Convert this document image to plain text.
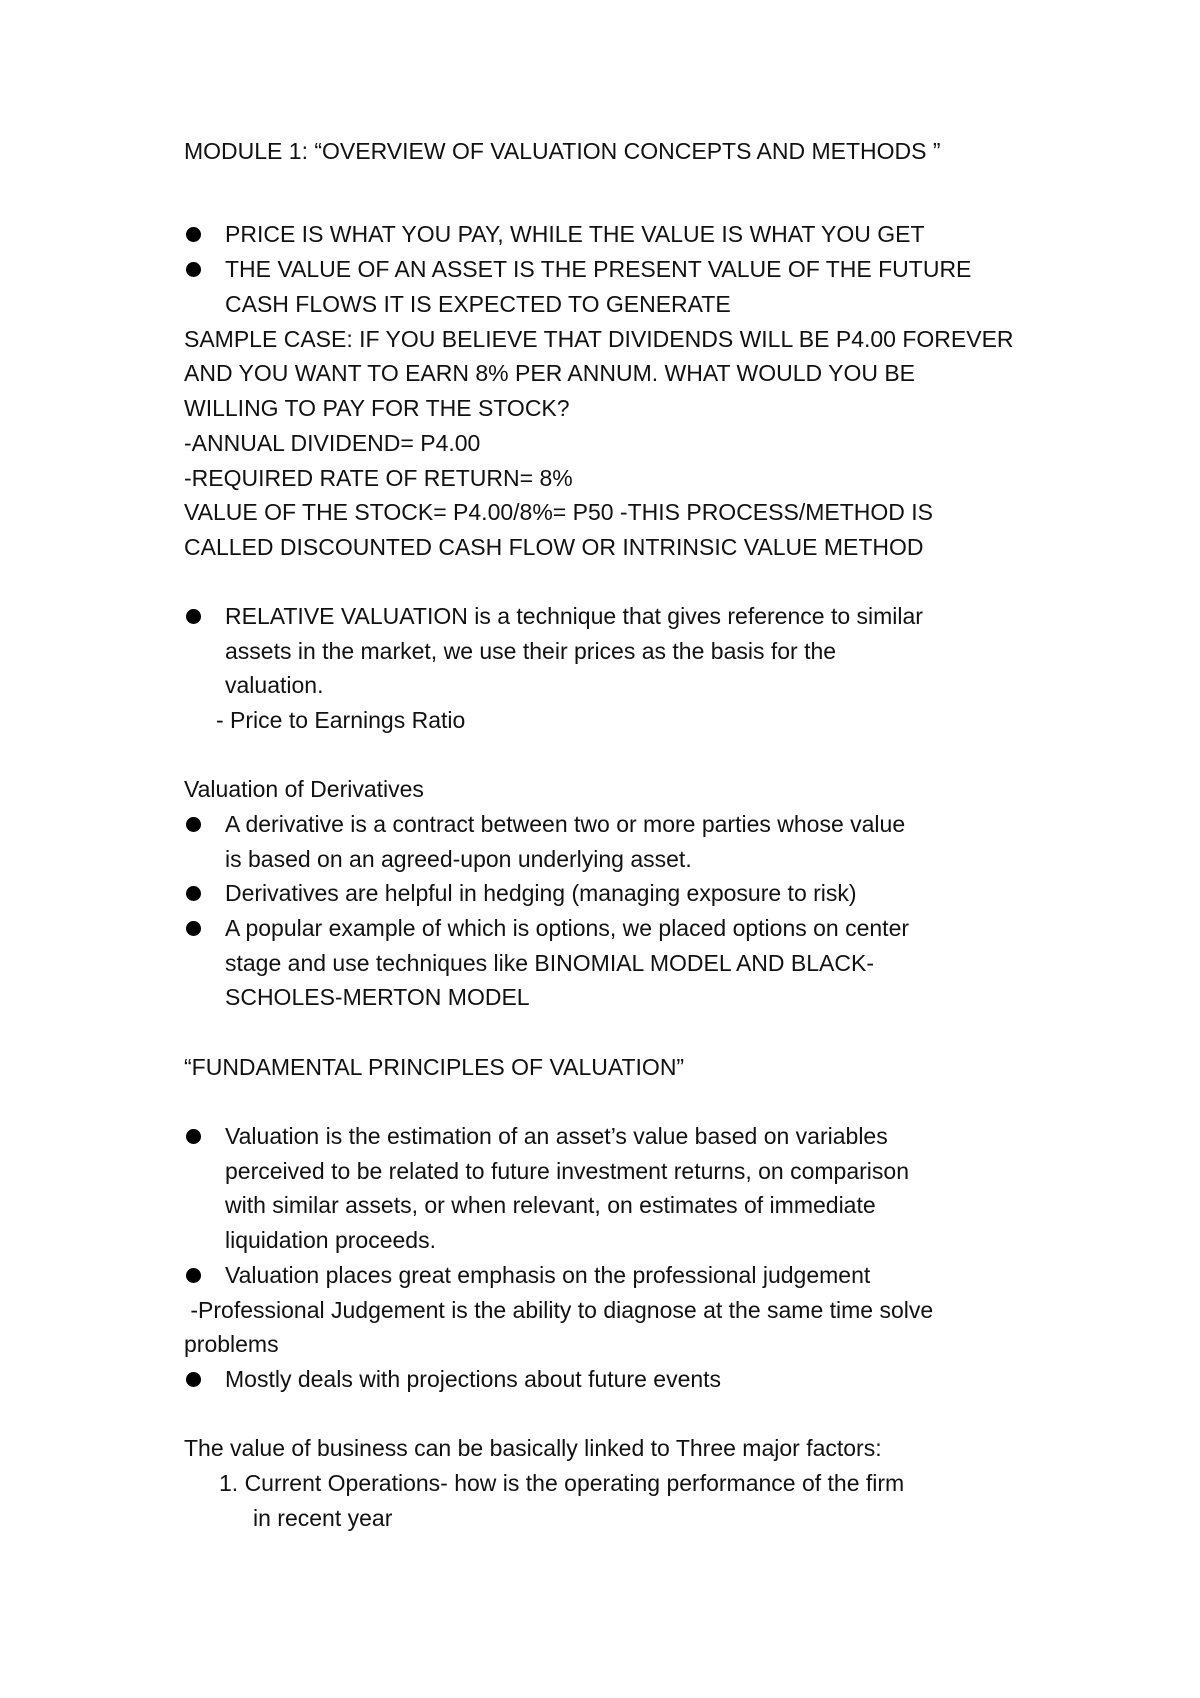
MODULE 1: “OVERVIEW OF VALUATION CONCEPTS AND METHODS ”
PRICE IS WHAT YOU PAY, WHILE THE VALUE IS WHAT YOU GET
THE VALUE OF AN ASSET IS THE PRESENT VALUE OF THE FUTURE
CASH FLOWS IT IS EXPECTED TO GENERATE
SAMPLE CASE: IF YOU BELIEVE THAT DIVIDENDS WILL BE P4.00 FOREVER
AND YOU WANT TO EARN 8% PER ANNUM. WHAT WOULD YOU BE
WILLING TO PAY FOR THE STOCK?
-ANNUAL DIVIDEND= P4.00
-REQUIRED RATE OF RETURN= 8%
VALUE OF THE STOCK= P4.00/8%= P50 -THIS PROCESS/METHOD IS
CALLED DISCOUNTED CASH FLOW OR INTRINSIC VALUE METHOD
RELATIVE VALUATION is a technique that gives reference to similar
assets in the market, we use their prices as the basis for the
valuation.
- Price to Earnings Ratio
Valuation of Derivatives
A derivative is a contract between two or more parties whose value
is based on an agreed-upon underlying asset.
Derivatives are helpful in hedging (managing exposure to risk)
A popular example of which is options, we placed options on center
stage and use techniques like BINOMIAL MODEL AND BLACK-
SCHOLES-MERTON MODEL
“FUNDAMENTAL PRINCIPLES OF VALUATION”
Valuation is the estimation of an asset’s value based on variables
perceived to be related to future investment returns, on comparison
with similar assets, or when relevant, on estimates of immediate
liquidation proceeds.
Valuation places great emphasis on the professional judgement
-Professional Judgement is the ability to diagnose at the same time solve
problems
Mostly deals with projections about future events
The value of business can be basically linked to Three major factors:
1. Current Operations- how is the operating performance of the firm
in recent year
